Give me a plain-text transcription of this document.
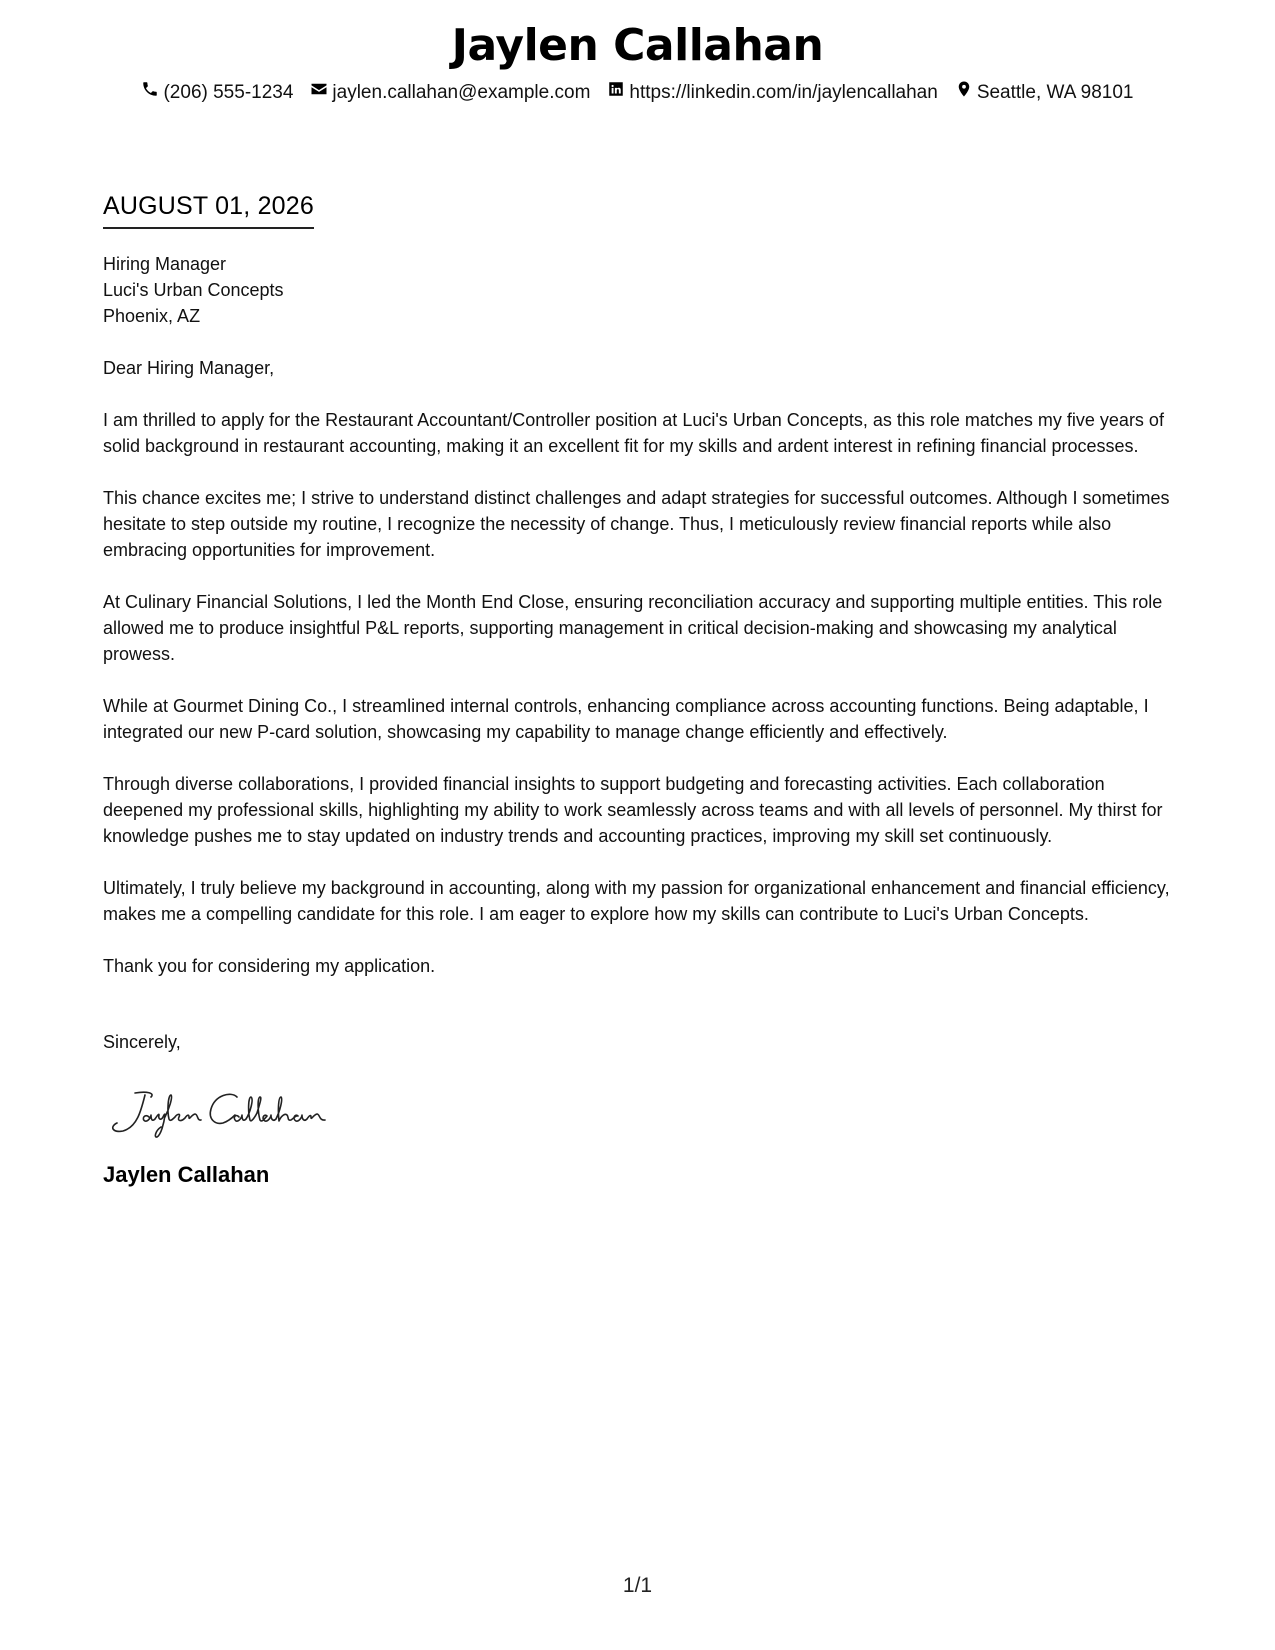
Jaylen Callahan
(206) 555-1234 jaylen.callahan@example.com https://linkedin.com/in/jaylencallahan Seattle, WA 98101
AUGUST 01, 2026

Hiring Manager

Luci's Urban Concepts

Phoenix, AZ

Dear Hiring Manager,

I am thrilled to apply for the Restaurant Accountant/Controller position at Luci's Urban Concepts, as this role matches my five years of solid background in restaurant accounting, making it an excellent fit for my skills and ardent interest in refining financial processes.

This chance excites me; I strive to understand distinct challenges and adapt strategies for successful outcomes. Although I sometimes hesitate to step outside my routine, I recognize the necessity of change. Thus, I meticulously review financial reports while also embracing opportunities for improvement.

At Culinary Financial Solutions, I led the Month End Close, ensuring reconciliation accuracy and supporting multiple entities. This role allowed me to produce insightful P&L reports, supporting management in critical decision-making and showcasing my analytical prowess.

While at Gourmet Dining Co., I streamlined internal controls, enhancing compliance across accounting functions. Being adaptable, I integrated our new P-card solution, showcasing my capability to manage change efficiently and effectively.

Through diverse collaborations, I provided financial insights to support budgeting and forecasting activities. Each collaboration deepened my professional skills, highlighting my ability to work seamlessly across teams and with all levels of personnel. My thirst for knowledge pushes me to stay updated on industry trends and accounting practices, improving my skill set continuously.

Ultimately, I truly believe my background in accounting, along with my passion for organizational enhancement and financial efficiency, makes me a compelling candidate for this role. I am eager to explore how my skills can contribute to Luci's Urban Concepts.

Thank you for considering my application.

Sincerely,

Jaylen Callahan
1/1
